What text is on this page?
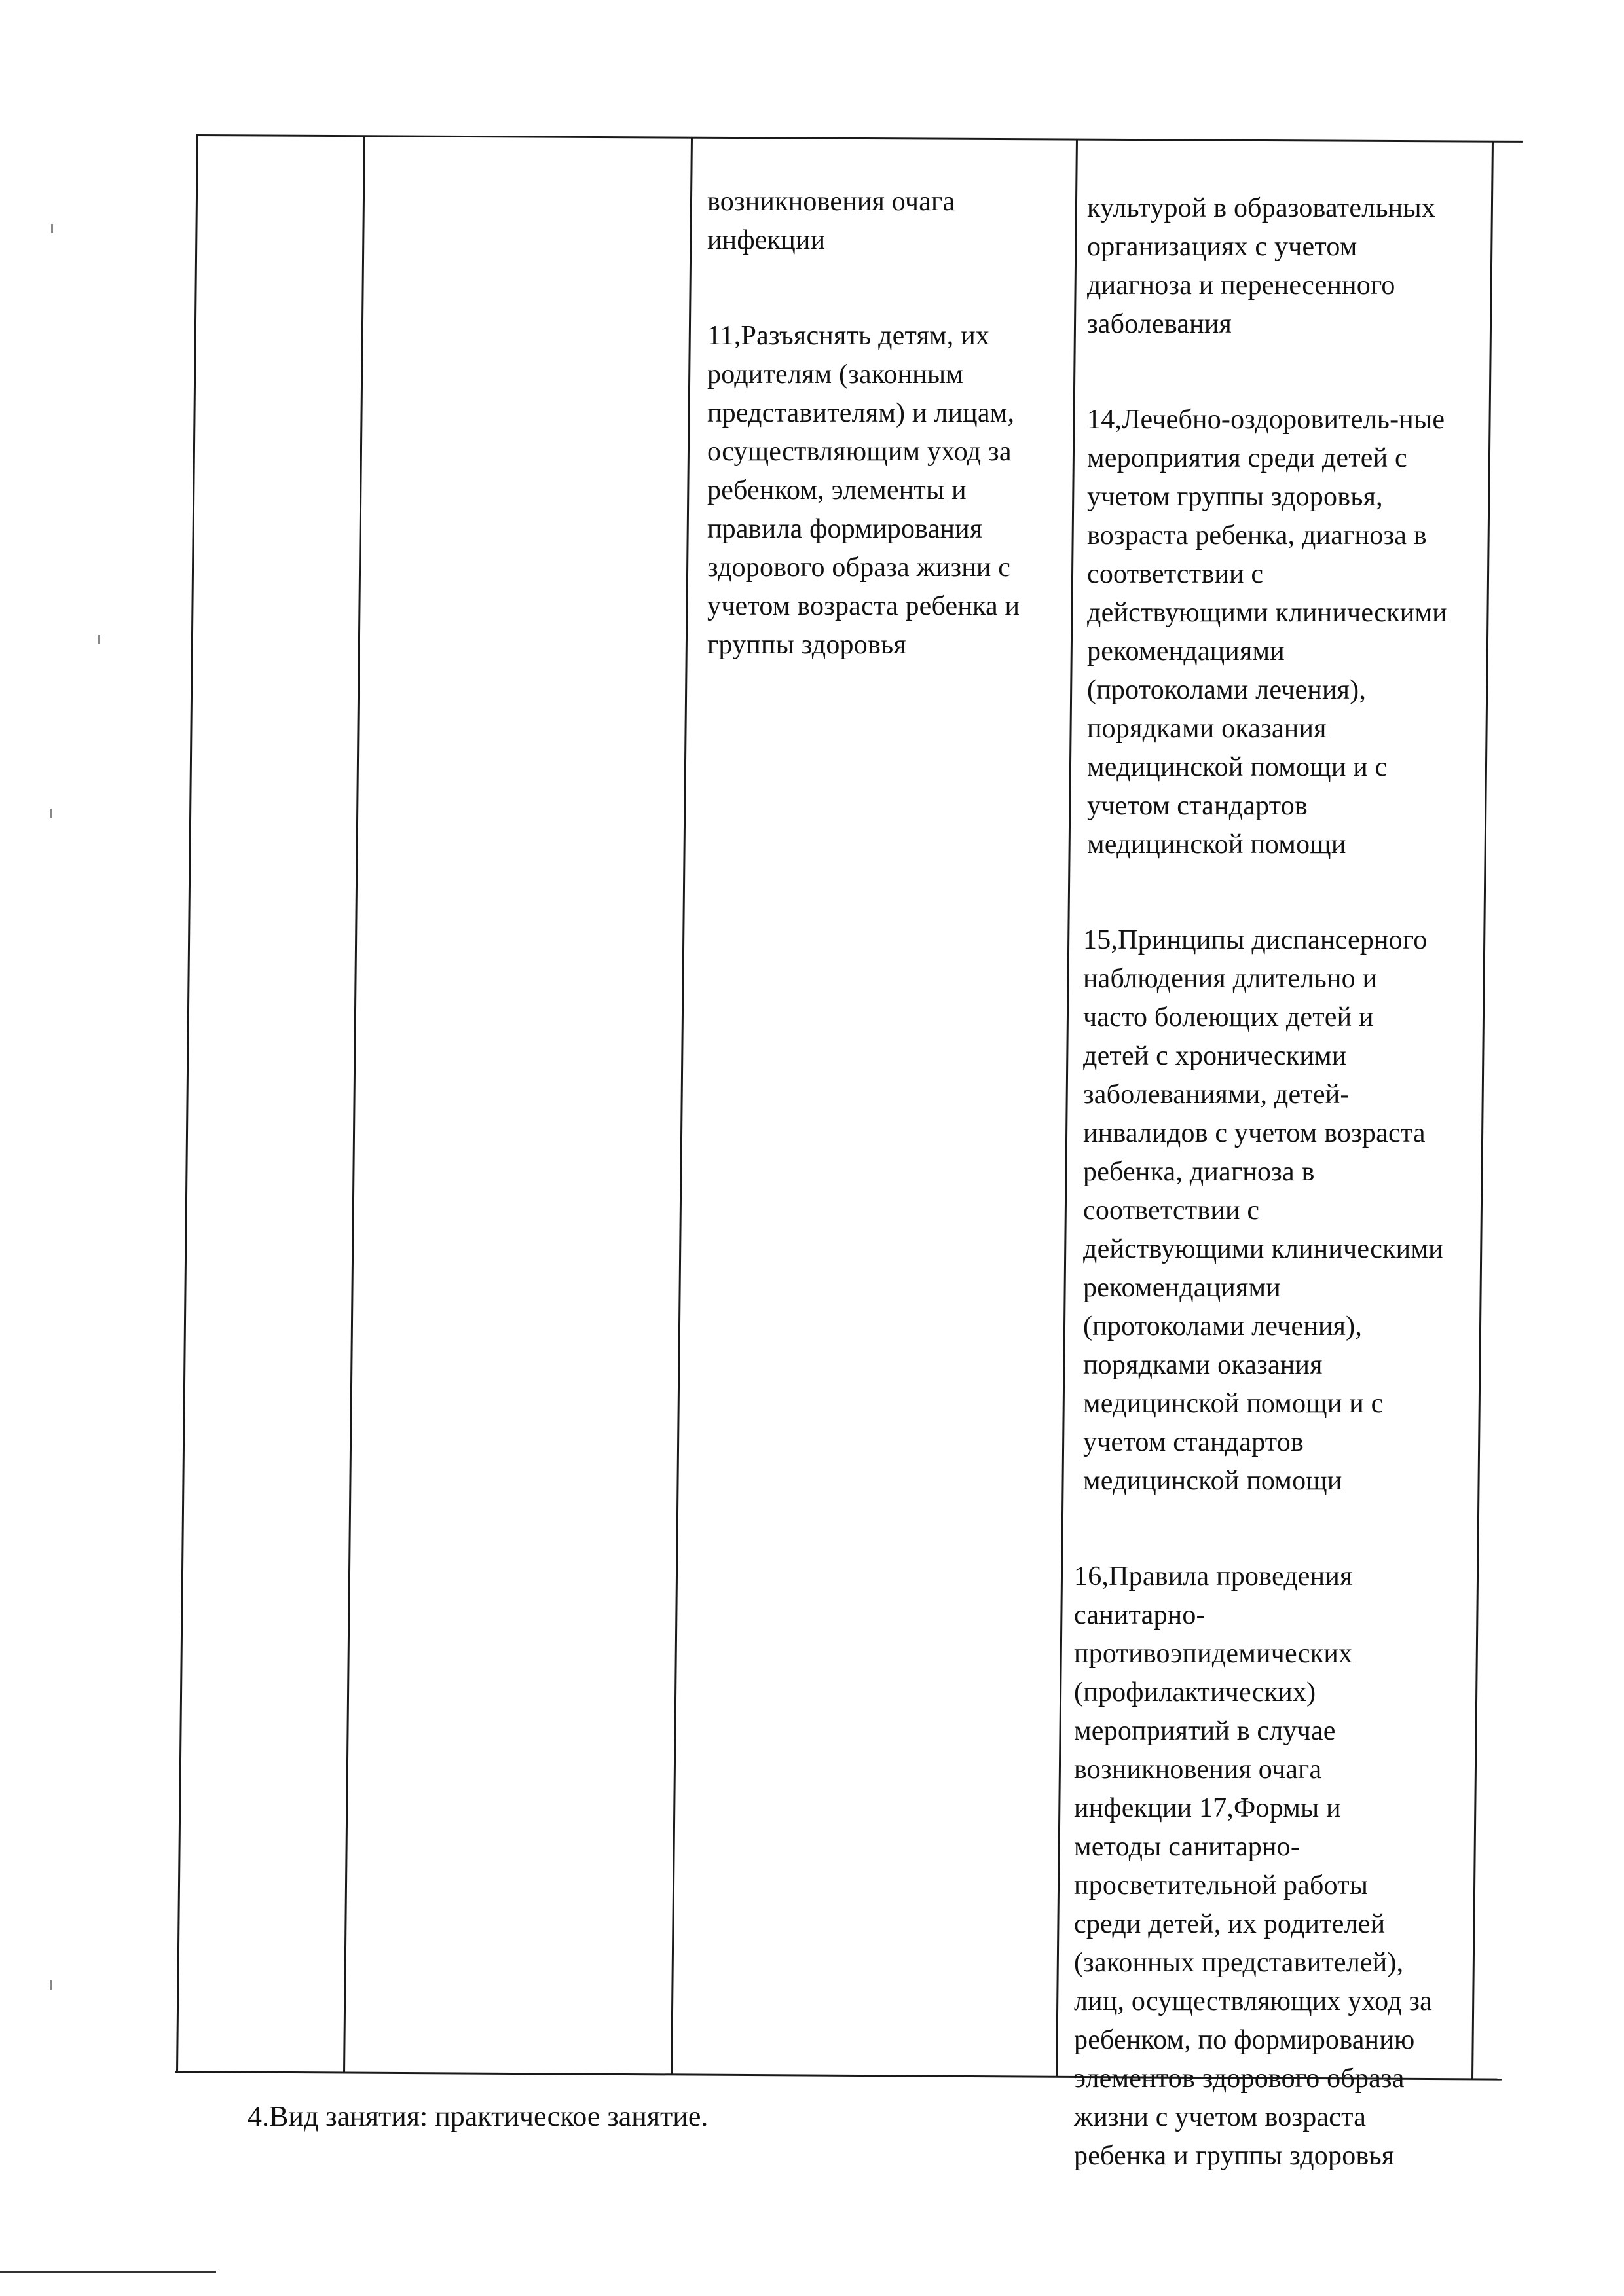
возникновения очага
инфекции

11,Разъяснять детям, их
родителям (законным
представителям) и лицам,
осуществляющим уход за
ребенком, элементы и
правила формирования
здорового образа жизни с
учетом возраста ребенка и
группы здоровья

культурой в образовательных
организациях с учетом
диагноза и перенесенного
заболевания

14,Лечебно-оздоровитель-ные
мероприятия среди детей с
учетом группы здоровья,
возраста ребенка, диагноза в
соответствии с
действующими клиническими
рекомендациями
(протоколами лечения),
порядками оказания
медицинской помощи и с
учетом стандартов
медицинской помощи

15,Принципы диспансерного
наблюдения длительно и
часто болеющих детей и
детей с хроническими
заболеваниями, детей-
инвалидов с учетом возраста
ребенка, диагноза в
соответствии с
действующими клиническими
рекомендациями
(протоколами лечения),
порядками оказания
медицинской помощи и с
учетом стандартов
медицинской помощи

16,Правила проведения
санитарно-
противоэпидемических
(профилактических)
мероприятий в случае
возникновения очага
инфекции 17,Формы и
методы санитарно-
просветительной работы
среди детей, их родителей
(законных представителей),
лиц, осуществляющих уход за
ребенком, по формированию
элементов здорового образа
жизни с учетом возраста
ребенка и группы здоровья

4.Вид занятия: практическое занятие.
